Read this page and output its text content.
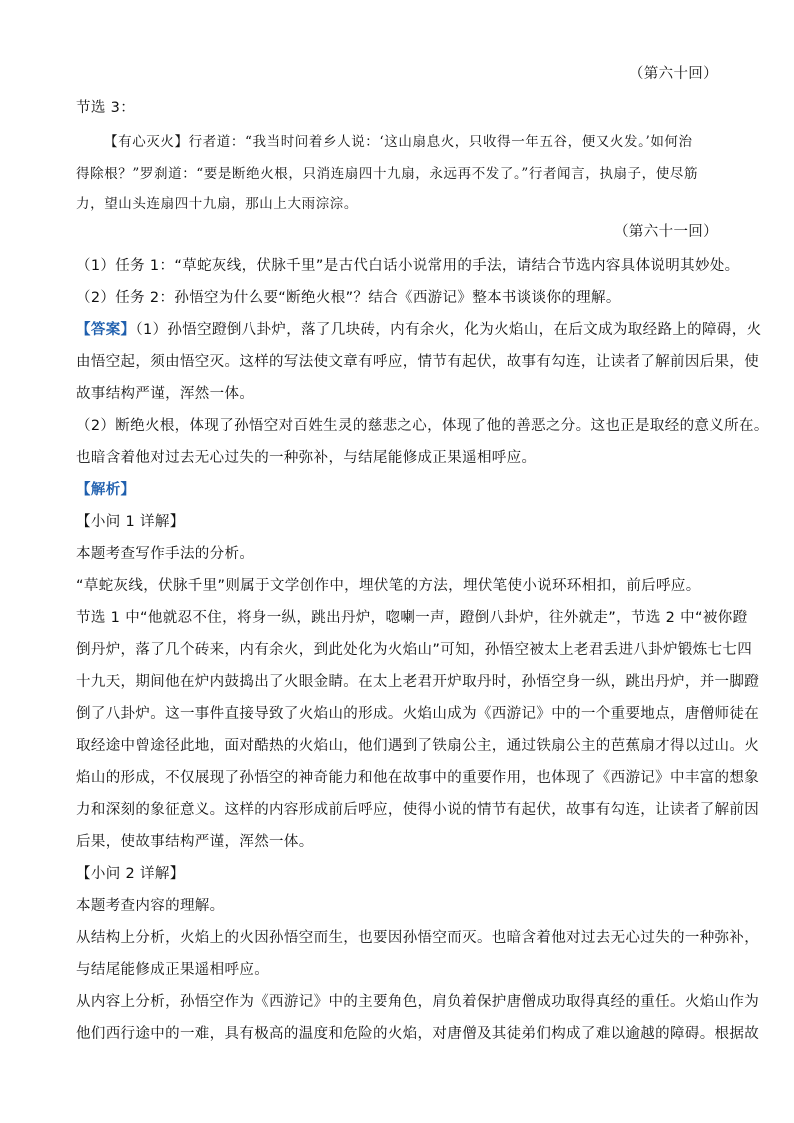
（第六十回）
节选 3：
【有心灭火】行者道：“我当时问着乡人说：‘这山扇息火，只收得一年五谷，便又火发。’如何治
得除根？”罗刹道：“要是断绝火根，只消连扇四十九扇，永远再不发了。”行者闻言，执扇子，使尽筋
力，望山头连扇四十九扇，那山上大雨淙淙。
（第六十一回）
（1）任务 1：“草蛇灰线，伏脉千里”是古代白话小说常用的手法，请结合节选内容具体说明其妙处。
（2）任务 2：孙悟空为什么要“断绝火根”？结合《西游记》整本书谈谈你的理解。
【答案】（1）孙悟空蹬倒八卦炉，落了几块砖，内有余火，化为火焰山，在后文成为取经路上的障碍，火
由悟空起，须由悟空灭。这样的写法使文章有呼应，情节有起伏，故事有勾连，让读者了解前因后果，使
故事结构严谨，浑然一体。
（2）断绝火根，体现了孙悟空对百姓生灵的慈悲之心，体现了他的善恶之分。这也正是取经的意义所在。
也暗含着他对过去无心过失的一种弥补，与结尾能修成正果遥相呼应。
【解析】
【小问 1 详解】
本题考查写作手法的分析。
“草蛇灰线，伏脉千里”则属于文学创作中，埋伏笔的方法，埋伏笔使小说环环相扣，前后呼应。
节选 1 中“他就忍不住，将身一纵，跳出丹炉，唿喇一声，蹬倒八卦炉，往外就走”，节选 2 中“被你蹬
倒丹炉，落了几个砖来，内有余火，到此处化为火焰山”可知，孙悟空被太上老君丢进八卦炉锻炼七七四
十九天，期间他在炉内鼓捣出了火眼金睛。在太上老君开炉取丹时，孙悟空身一纵，跳出丹炉，并一脚蹬
倒了八卦炉。这一事件直接导致了火焰山的形成。火焰山成为《西游记》中的一个重要地点，唐僧师徒在
取经途中曾途径此地，面对酷热的火焰山，他们遇到了铁扇公主，通过铁扇公主的芭蕉扇才得以过山。火
焰山的形成，不仅展现了孙悟空的神奇能力和他在故事中的重要作用，也体现了《西游记》中丰富的想象
力和深刻的象征意义。这样的内容形成前后呼应，使得小说的情节有起伏，故事有勾连，让读者了解前因
后果，使故事结构严谨，浑然一体。
【小问 2 详解】
本题考查内容的理解。
从结构上分析，火焰上的火因孙悟空而生，也要因孙悟空而灭。也暗含着他对过去无心过失的一种弥补，
与结尾能修成正果遥相呼应。
从内容上分析，孙悟空作为《西游记》中的主要角色，肩负着保护唐僧成功取得真经的重任。火焰山作为
他们西行途中的一难，具有极高的温度和危险的火焰，对唐僧及其徒弟们构成了难以逾越的障碍。根据故
